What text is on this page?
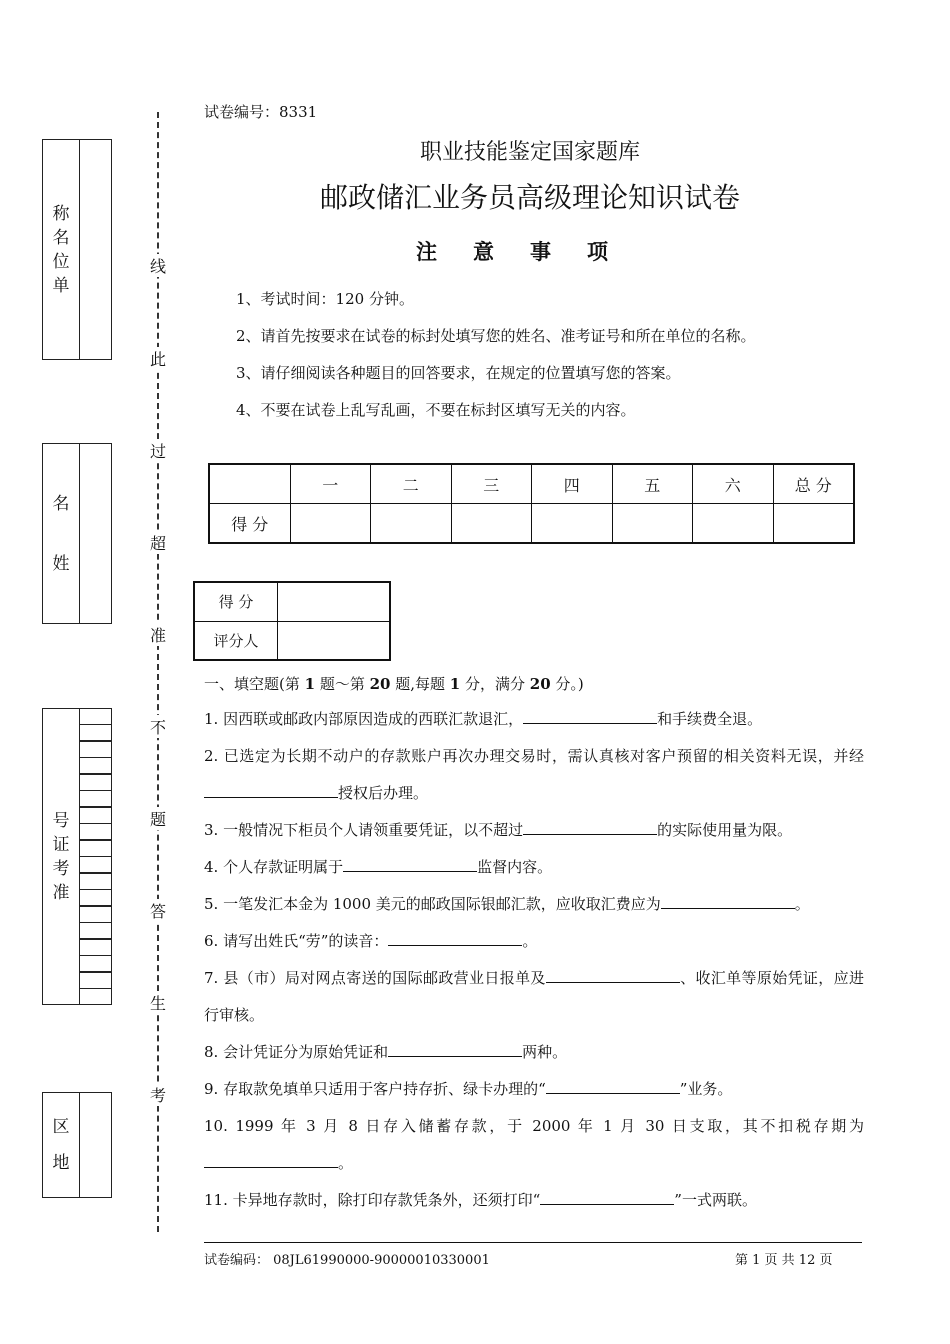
称
名
位
单
名
姓
号
证
考
准
区
地
线
此
过
超
准
不
题
答
生
考
试卷编号：8331
职业技能鉴定国家题库
邮政储汇业务员高级理论知识试卷
注意事项
1、考试时间：120 分钟。
2、请首先按要求在试卷的标封处填写您的姓名、准考证号和所在单位的名称。
3、请仔细阅读各种题目的回答要求，在规定的位置填写您的答案。
4、不要在试卷上乱写乱画，不要在标封区填写无关的内容。
	一	二	三	四	五	六	总 分
得 分							
得 分	
评分人	
一、填空题(第 1 题～第 20 题,每题 1 分，满分 20 分。)
1. 因西联或邮政内部原因造成的西联汇款退汇，	和手续费全退。
2. 已选定为长期不动户的存款账户再次办理交易时，需认真核对客户预留的相关资料无误，并经授权后办理。
3. 一般情况下柜员个人请领重要凭证，以不超过	的实际使用量为限。
4. 个人存款证明属于	监督内容。
5. 一笔发汇本金为 1000 美元的邮政国际银邮汇款，应收取汇费应为	。
6. 请写出姓氏“劳”的读音：	。
7. 县（市）局对网点寄送的国际邮政营业日报单及	、收汇单等原始凭证，应进行审核。
8. 会计凭证分为原始凭证和	两种。
9. 存取款免填单只适用于客户持存折、绿卡办理的“	”业务。
10. 1999 年 3 月 8 日存入储蓄存款，于 2000 年 1 月 30 日支取，其不扣税存期为。
11. 卡异地存款时，除打印存款凭条外，还须打印“	”一式两联。
试卷编码： 08JL61990000-90000010330001	第 1 页 共 12 页
